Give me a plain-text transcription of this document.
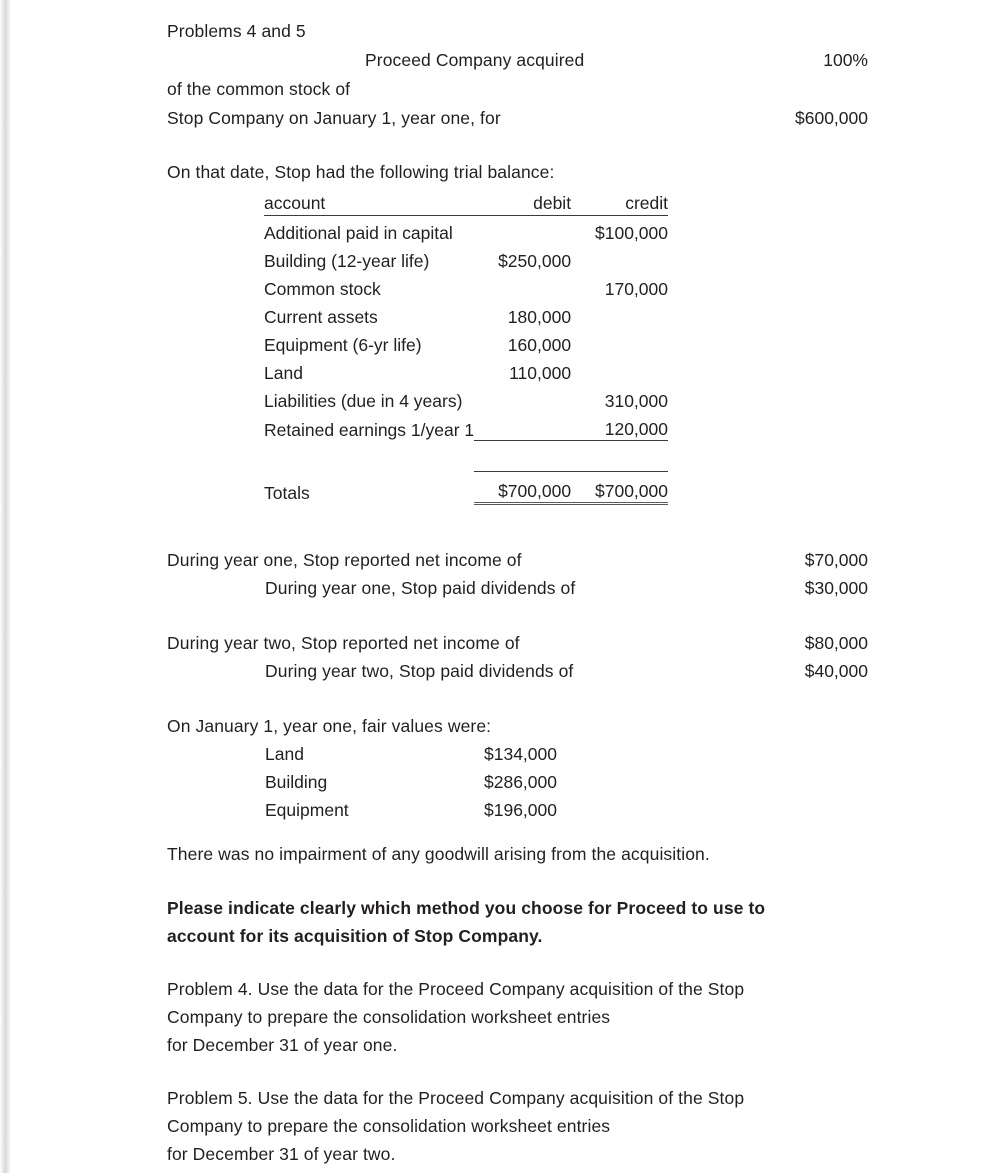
Problems 4 and 5
Proceed Company acquired	100%
of the common stock of
Stop Company on January 1, year one, for	$600,000
On that date, Stop had the following trial balance:
account	debit	credit

Additional paid in capital		$100,000
Building (12-year life)	$250,000	
Common stock		170,000
Current assets	180,000	
Equipment (6-yr life)	160,000	
Land	110,000	
Liabilities (due in 4 years)		310,000
Retained earnings 1/year 1		120,000

Totals	$700,000	$700,000
During year one, Stop reported net income of	$70,000
During year one, Stop paid dividends of	$30,000
During year two, Stop reported net income of	$80,000
During year two, Stop paid dividends of	$40,000
On January 1, year one, fair values were:
Land	$134,000
Building	$286,000
Equipment	$196,000
There was no impairment of any goodwill arising from the acquisition.
Please indicate clearly which method you choose for Proceed to use to
account for its acquisition of Stop Company.
Problem 4. Use the data for the Proceed Company acquisition of the Stop
Company to prepare the consolidation worksheet entries
for December 31 of year one.
Problem 5. Use the data for the Proceed Company acquisition of the Stop
Company to prepare the consolidation worksheet entries
for December 31 of year two.
